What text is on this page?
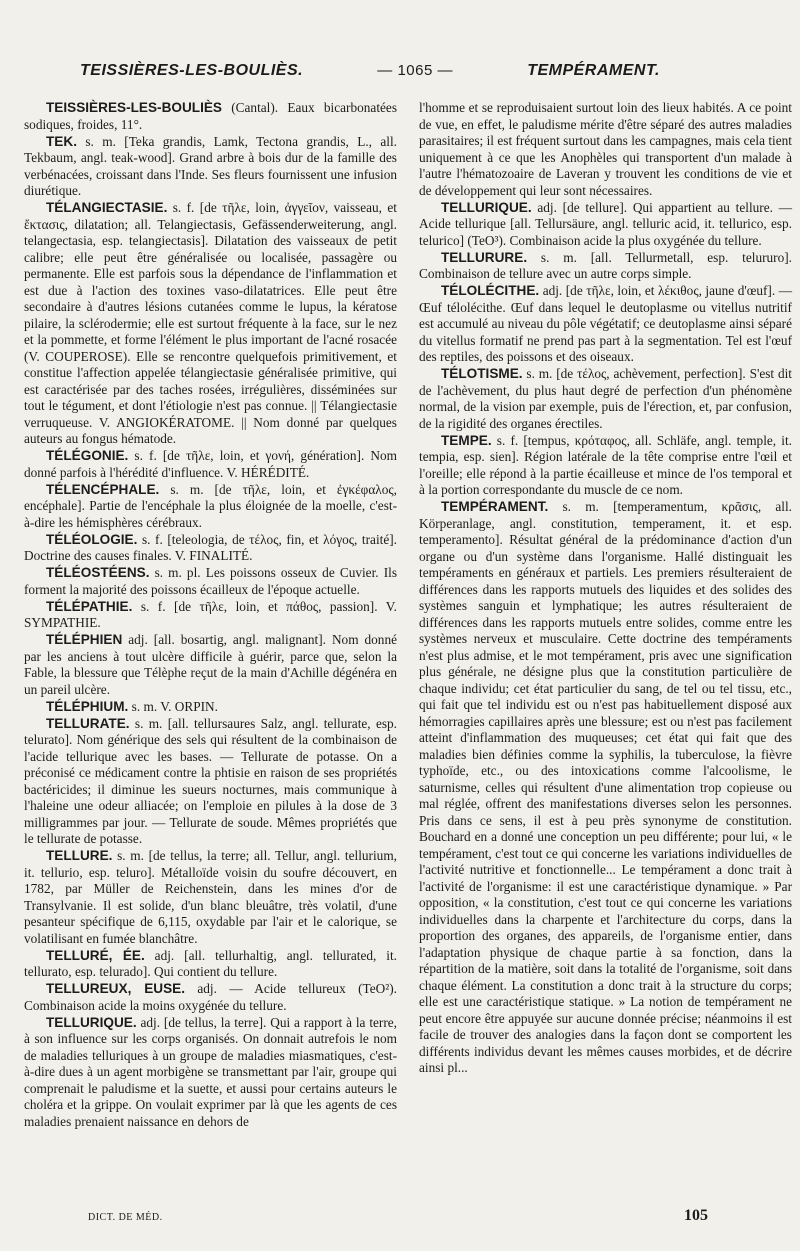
TEISSIÈRES-LES-BOULIÈS.	— 1065 —	TEMPÉRAMENT.

TEISSIÈRES-LES-BOULIÈS (Cantal). Eaux bicarbonatées sodiques, froides, 11°.

TEK. s. m. [Teka grandis, Lamk, Tectona grandis, L., all. Tekbaum, angl. teak-wood]. Grand arbre à bois dur de la famille des verbénacées, croissant dans l'Inde. Ses fleurs fournissent une infusion diurétique.

TÉLANGIECTASIE. s. f. [de τῆλε, loin, ἀγγεῖον, vaisseau, et ἔκτασις, dilatation; all. Telangiectasis, Gefässenderweiterung, angl. telangectasia, esp. telangiectasis]. Dilatation des vaisseaux de petit calibre; elle peut être généralisée ou localisée, passagère ou permanente. Elle est parfois sous la dépendance de l'inflammation et est due à l'action des toxines vaso-dilatatrices. Elle peut être secondaire à d'autres lésions cutanées comme le lupus, la kératose pilaire, la sclérodermie; elle est surtout fréquente à la face, sur le nez et la pommette, et forme l'élément le plus important de l'acné rosacée (V. COUPEROSE). Elle se rencontre quelquefois primitivement, et constitue l'affection appelée télangiectasie généralisée primitive, qui est caractérisée par des taches rosées, irrégulières, disséminées sur tout le tégument, et dont l'étiologie n'est pas connue. || Télangiectasie verruqueuse. V. ANGIOKÉRATOME. || Nom donné par quelques auteurs au fongus hématode.

TÉLÉGONIE. s. f. [de τῆλε, loin, et γονή, génération]. Nom donné parfois à l'hérédité d'influence. V. HÉRÉDITÉ.

TÉLENCÉPHALE. s. m. [de τῆλε, loin, et ἐγκέφαλος, encéphale]. Partie de l'encéphale la plus éloignée de la moelle, c'est-à-dire les hémisphères cérébraux.

TÉLÉOLOGIE. s. f. [teleologia, de τέλος, fin, et λόγος, traité]. Doctrine des causes finales. V. FINALITÉ.

TÉLÉOSTÉENS. s. m. pl. Les poissons osseux de Cuvier. Ils forment la majorité des poissons écailleux de l'époque actuelle.

TÉLÉPATHIE. s. f. [de τῆλε, loin, et πάθος, passion]. V. SYMPATHIE.

TÉLÉPHIEN adj. [all. bosartig, angl. malignant]. Nom donné par les anciens à tout ulcère difficile à guérir, parce que, selon la Fable, la blessure que Télèphe reçut de la main d'Achille dégénéra en un pareil ulcère.

TÉLÉPHIUM. s. m. V. ORPIN.

TELLURATE. s. m. [all. tellursaures Salz, angl. tellurate, esp. telurato]. Nom générique des sels qui résultent de la combinaison de l'acide tellurique avec les bases. — Tellurate de potasse. On a préconisé ce médicament contre la phtisie en raison de ses propriétés bactéricides; il diminue les sueurs nocturnes, mais communique à l'haleine une odeur alliacée; on l'emploie en pilules à la dose de 3 milligrammes par jour. — Tellurate de soude. Mêmes propriétés que le tellurate de potasse.

TELLURE. s. m. [de tellus, la terre; all. Tellur, angl. tellurium, it. tellurio, esp. teluro]. Métalloïde voisin du soufre découvert, en 1782, par Müller de Reichenstein, dans les mines d'or de Transylvanie. Il est solide, d'un blanc bleuâtre, très volatil, d'une pesanteur spécifique de 6,115, oxydable par l'air et le calorique, se volatilisant en fumée blanchâtre.

TELLURÉ, ÉE. adj. [all. tellurhaltig, angl. tellurated, it. tellurato, esp. telurado]. Qui contient du tellure.

TELLUREUX, EUSE. adj. — Acide tellureux (TeO²). Combinaison acide la moins oxygénée du tellure.

TELLURIQUE. adj. [de tellus, la terre]. Qui a rapport à la terre, à son influence sur les corps organisés. On donnait autrefois le nom de maladies telluriques à un groupe de maladies miasmatiques, c'est-à-dire dues à un agent morbigène se transmettant par l'air, groupe qui comprenait le paludisme et la suette, et aussi pour certains auteurs le choléra et la grippe. On voulait exprimer par là que les agents de ces maladies prenaient naissance en dehors de

l'homme et se reproduisaient surtout loin des lieux habités. A ce point de vue, en effet, le paludisme mérite d'être séparé des autres maladies parasitaires; il est fréquent surtout dans les campagnes, mais cela tient uniquement à ce que les Anophèles qui transportent d'un malade à l'autre l'hématozoaire de Laveran y trouvent les conditions de vie et de développement qui leur sont nécessaires.

TELLURIQUE. adj. [de tellure]. Qui appartient au tellure. — Acide tellurique [all. Tellursäure, angl. telluric acid, it. tellurico, esp. telurico] (TeO³). Combinaison acide la plus oxygénée du tellure.

TELLURURE. s. m. [all. Tellurmetall, esp. telururo]. Combinaison de tellure avec un autre corps simple.

TÉLOLÉCITHE. adj. [de τῆλε, loin, et λέκιθος, jaune d'œuf]. — Œuf télolécithe. Œuf dans lequel le deutoplasme ou vitellus nutritif est accumulé au niveau du pôle végétatif; ce deutoplasme ainsi séparé du vitellus formatif ne prend pas part à la segmentation. Tel est l'œuf des reptiles, des poissons et des oiseaux.

TÉLOTISME. s. m. [de τέλος, achèvement, perfection]. S'est dit de l'achèvement, du plus haut degré de perfection d'un phénomène normal, de la vision par exemple, puis de l'érection, et, par confusion, de la rigidité des organes érectiles.

TEMPE. s. f. [tempus, κρόταφος, all. Schläfe, angl. temple, it. tempia, esp. sien]. Région latérale de la tête comprise entre l'œil et l'oreille; elle répond à la partie écailleuse et mince de l'os temporal et à la portion correspondante du muscle de ce nom.

TEMPÉRAMENT. s. m. [temperamentum, κρᾶσις, all. Körperanlage, angl. constitution, temperament, it. et esp. temperamento]. Résultat général de la prédominance d'action d'un organe ou d'un système dans l'organisme. Hallé distinguait les tempéraments en généraux et partiels. Les premiers résulteraient de différences dans les rapports mutuels des liquides et des solides des systèmes sanguin et lymphatique; les autres résulteraient de différences dans les rapports mutuels entre solides, comme entre les systèmes nerveux et musculaire. Cette doctrine des tempéraments n'est plus admise, et le mot tempérament, pris avec une signification plus générale, ne désigne plus que la constitution particulière de chaque individu; cet état particulier du sang, de tel ou tel tissu, etc., qui fait que tel individu est ou n'est pas habituellement disposé aux hémorragies capillaires après une blessure; est ou n'est pas facilement atteint d'inflammation des muqueuses; cet état qui fait que des maladies bien définies comme la syphilis, la tuberculose, la fièvre typhoïde, etc., ou des intoxications comme l'alcoolisme, le saturnisme, celles qui résultent d'une alimentation trop copieuse ou mal réglée, offrent des manifestations diverses selon les personnes. Pris dans ce sens, il est à peu près synonyme de constitution. Bouchard en a donné une conception un peu différente; pour lui, « le tempérament, c'est tout ce qui concerne les variations individuelles de l'activité nutritive et fonctionnelle... Le tempérament a donc trait à l'activité de l'organisme: il est une caractéristique dynamique. » Par opposition, « la constitution, c'est tout ce qui concerne les variations individuelles dans la charpente et l'architecture du corps, dans la proportion des organes, des appareils, de l'organisme entier, dans l'adaptation physique de chaque partie à sa fonction, dans la répartition de la matière, soit dans la totalité de l'organisme, soit dans chaque élément. La constitution a donc trait à la structure du corps; elle est une caractéristique statique. » La notion de tempérament ne peut encore être appuyée sur aucune donnée précise; néanmoins il est facile de trouver des analogies dans la façon dont se comportent les différents individus devant les mêmes causes morbides, et de décrire ainsi pl...

DICT. DE MÉD.	105
